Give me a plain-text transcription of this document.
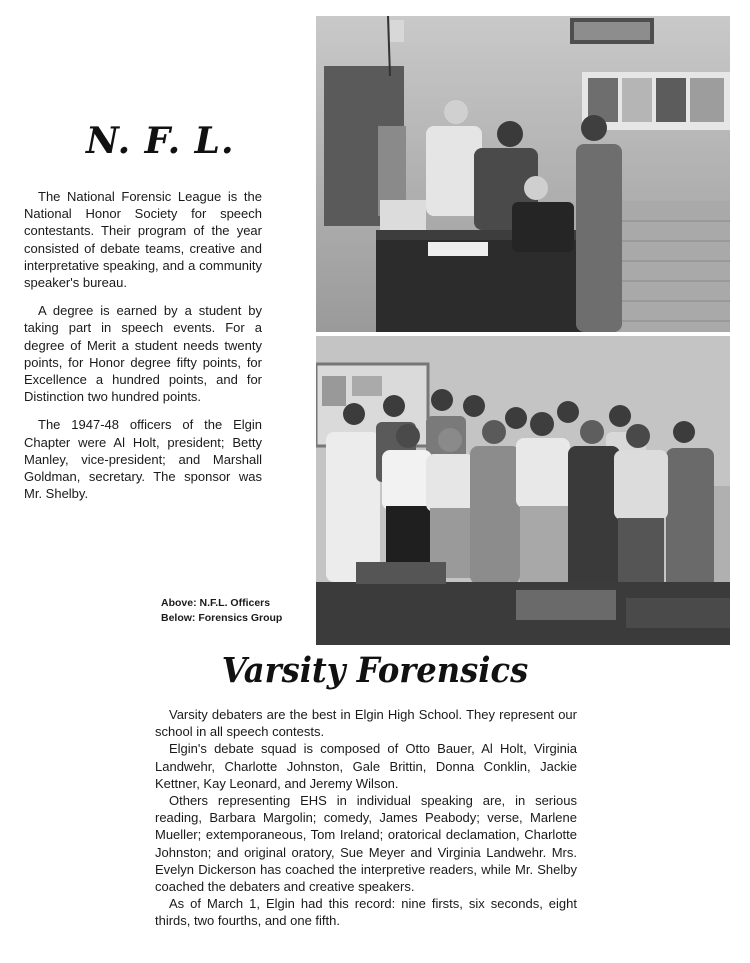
N. F. L.

The National Forensic League is the National Honor Society for speech contestants. Their program of the year consisted of debate teams, creative and interpretative speaking, and a community speaker's bureau.

A degree is earned by a student by taking part in speech events. For a degree of Merit a student needs twenty points, for Honor degree fifty points, for Excellence a hundred points, and for Distinction two hundred points.

The 1947-48 officers of the Elgin Chapter were Al Holt, president; Betty Manley, vice-president; and Marshall Goldman, secretary. The sponsor was Mr. Shelby.

Above: N.F.L. Officers
Below: Forensics Group
Varsity Forensics

Varsity debaters are the best in Elgin High School. They represent our school in all speech contests.

Elgin's debate squad is composed of Otto Bauer, Al Holt, Virginia Landwehr, Charlotte Johnston, Gale Brittin, Donna Conklin, Jackie Kettner, Kay Leonard, and Jeremy Wilson.

Others representing EHS in individual speaking are, in serious reading, Barbara Margolin; comedy, James Peabody; verse, Marlene Mueller; extemporaneous, Tom Ireland; oratorical declamation, Charlotte Johnston; and original oratory, Sue Meyer and Virginia Landwehr. Mrs. Evelyn Dickerson has coached the interpretive readers, while Mr. Shelby coached the debaters and creative speakers.

As of March 1, Elgin had this record: nine firsts, six seconds, eight thirds, two fourths, and one fifth.
